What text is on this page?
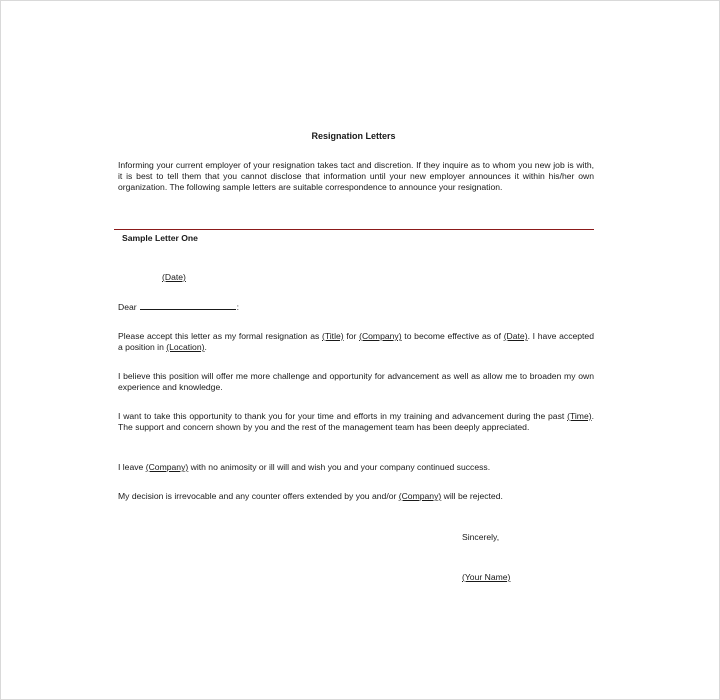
Resignation Letters
Informing your current employer of your resignation takes tact and discretion. If they inquire as to whom you new job is with, it is best to tell them that you cannot disclose that information until your new employer announces it within his/her own organization. The following sample letters are suitable correspondence to announce your resignation.
Sample Letter One
(Date)
Dear	:
Please accept this letter as my formal resignation as (Title) for (Company) to become effective as of (Date). I have accepted a position in (Location).
I believe this position will offer me more challenge and opportunity for advancement as well as allow me to broaden my own experience and knowledge.
I want to take this opportunity to thank you for your time and efforts in my training and advancement during the past (Time). The support and concern shown by you and the rest of the management team has been deeply appreciated.
I leave (Company) with no animosity or ill will and wish you and your company continued success.
My decision is irrevocable and any counter offers extended by you and/or (Company) will be rejected.
Sincerely,
(Your Name)
